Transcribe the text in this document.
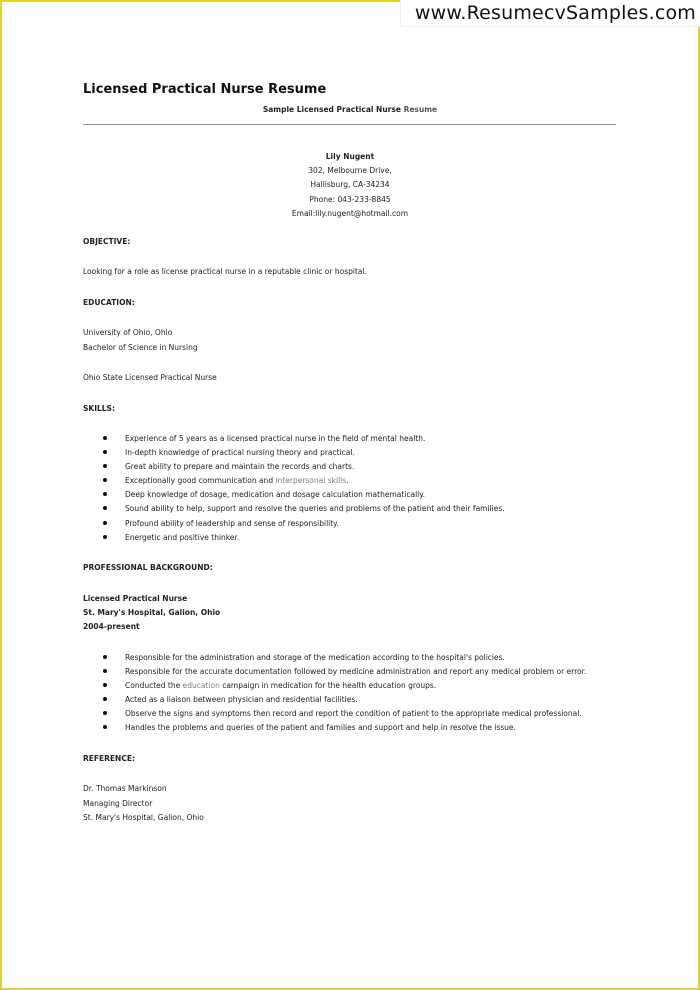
www.ResumecvSamples.com
Licensed Practical Nurse Resume
Sample Licensed Practical Nurse Resume
Lily Nugent
302, Melbourne Drive,
Hallisburg, CA-34234
Phone: 043-233-8845
Email:lily.nugent@hotmail.com
OBJECTIVE:
Looking for a role as license practical nurse in a reputable clinic or hospital.
EDUCATION:
University of Ohio, Ohio
Bachelor of Science in Nursing
Ohio State Licensed Practical Nurse
SKILLS:
Experience of 5 years as a licensed practical nurse in the field of mental health.
In-depth knowledge of practical nursing theory and practical.
Great ability to prepare and maintain the records and charts.
Exceptionally good communication and interpersonal skills.
Deep knowledge of dosage, medication and dosage calculation mathematically.
Sound ability to help, support and resolve the queries and problems of the patient and their families.
Profound ability of leadership and sense of responsibility.
Energetic and positive thinker.
PROFESSIONAL BACKGROUND:
Licensed Practical Nurse
St. Mary's Hospital, Galion, Ohio
2004-present
Responsible for the administration and storage of the medication according to the hospital's policies.
Responsible for the accurate documentation followed by medicine administration and report any medical problem or error.
Conducted the education campaign in medication for the health education groups.
Acted as a liaison between physician and residential facilities.
Observe the signs and symptoms then record and report the condition of patient to the appropriate medical professional.
Handles the problems and queries of the patient and families and support and help in resolve the issue.
REFERENCE:
Dr. Thomas Markinson
Managing Director
St. Mary's Hospital, Galion, Ohio
